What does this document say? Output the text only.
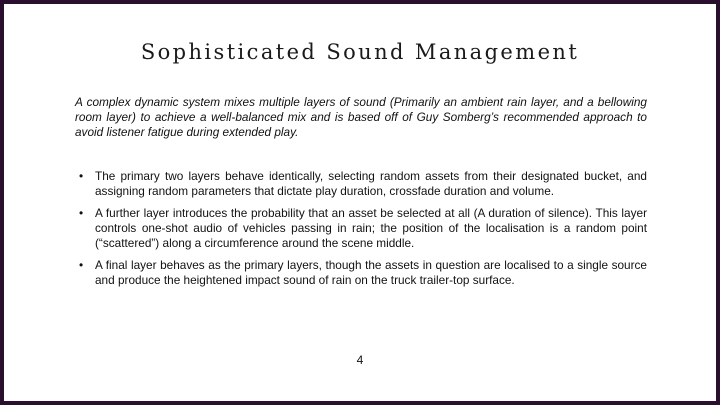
Sophisticated Sound Management

A complex dynamic system mixes multiple layers of sound (Primarily an ambient rain layer, and a bellowing room layer) to achieve a well-balanced mix and is based off of Guy Somberg’s recommended approach to avoid listener fatigue during extended play.

• The primary two layers behave identically, selecting random assets from their designated bucket, and assigning random parameters that dictate play duration, crossfade duration and volume.
• A further layer introduces the probability that an asset be selected at all (A duration of silence). This layer controls one-shot audio of vehicles passing in rain; the position of the localisation is a random point (“scattered”) along a circumference around the scene middle.
• A final layer behaves as the primary layers, though the assets in question are localised to a single source and produce the heightened impact sound of rain on the truck trailer-top surface.
4
